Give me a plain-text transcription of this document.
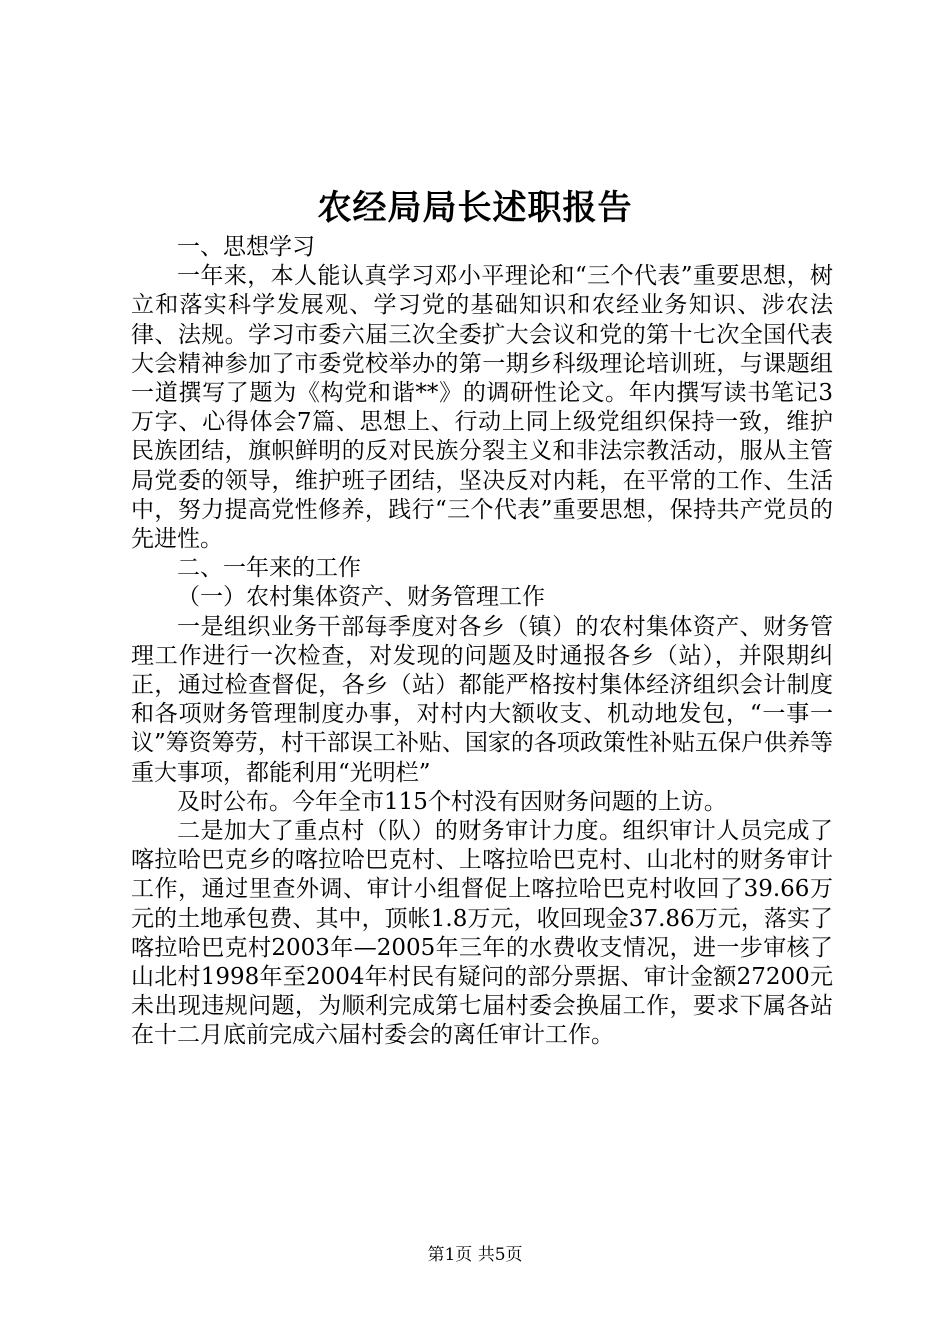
农经局局长述职报告

一、思想学习

一年来，本人能认真学习邓小平理论和“三个代表”重要思想，树立和落实科学发展观、学习党的基础知识和农经业务知识、涉农法律、法规。学习市委六届三次全委扩大会议和党的第十七次全国代表大会精神参加了市委党校举办的第一期乡科级理论培训班，与课题组一道撰写了题为《构党和谐**》的调研性论文。年内撰写读书笔记3万字、心得体会7篇、思想上、行动上同上级党组织保持一致，维护民族团结，旗帜鲜明的反对民族分裂主义和非法宗教活动，服从主管局党委的领导，维护班子团结，坚决反对内耗，在平常的工作、生活中，努力提高党性修养，践行“三个代表”重要思想，保持共产党员的先进性。

二、一年来的工作

（一）农村集体资产、财务管理工作

一是组织业务干部每季度对各乡（镇）的农村集体资产、财务管理工作进行一次检查，对发现的问题及时通报各乡（站），并限期纠正，通过检查督促，各乡（站）都能严格按村集体经济组织会计制度和各项财务管理制度办事，对村内大额收支、机动地发包，“一事一议”筹资筹劳，村干部误工补贴、国家的各项政策性补贴五保户供养等重大事项，都能利用“光明栏”

及时公布。今年全市115个村没有因财务问题的上访。

二是加大了重点村（队）的财务审计力度。组织审计人员完成了喀拉哈巴克乡的喀拉哈巴克村、上喀拉哈巴克村、山北村的财务审计工作，通过里查外调、审计小组督促上喀拉哈巴克村收回了39.66万元的土地承包费、其中，顶帐1.8万元，收回现金37.86万元，落实了喀拉哈巴克村2003年—2005年三年的水费收支情况，进一步审核了山北村1998年至2004年村民有疑问的部分票据、审计金额27200元未出现违规问题，为顺利完成第七届村委会换届工作，要求下属各站在十二月底前完成六届村委会的离任审计工作。

第1页 共5页
